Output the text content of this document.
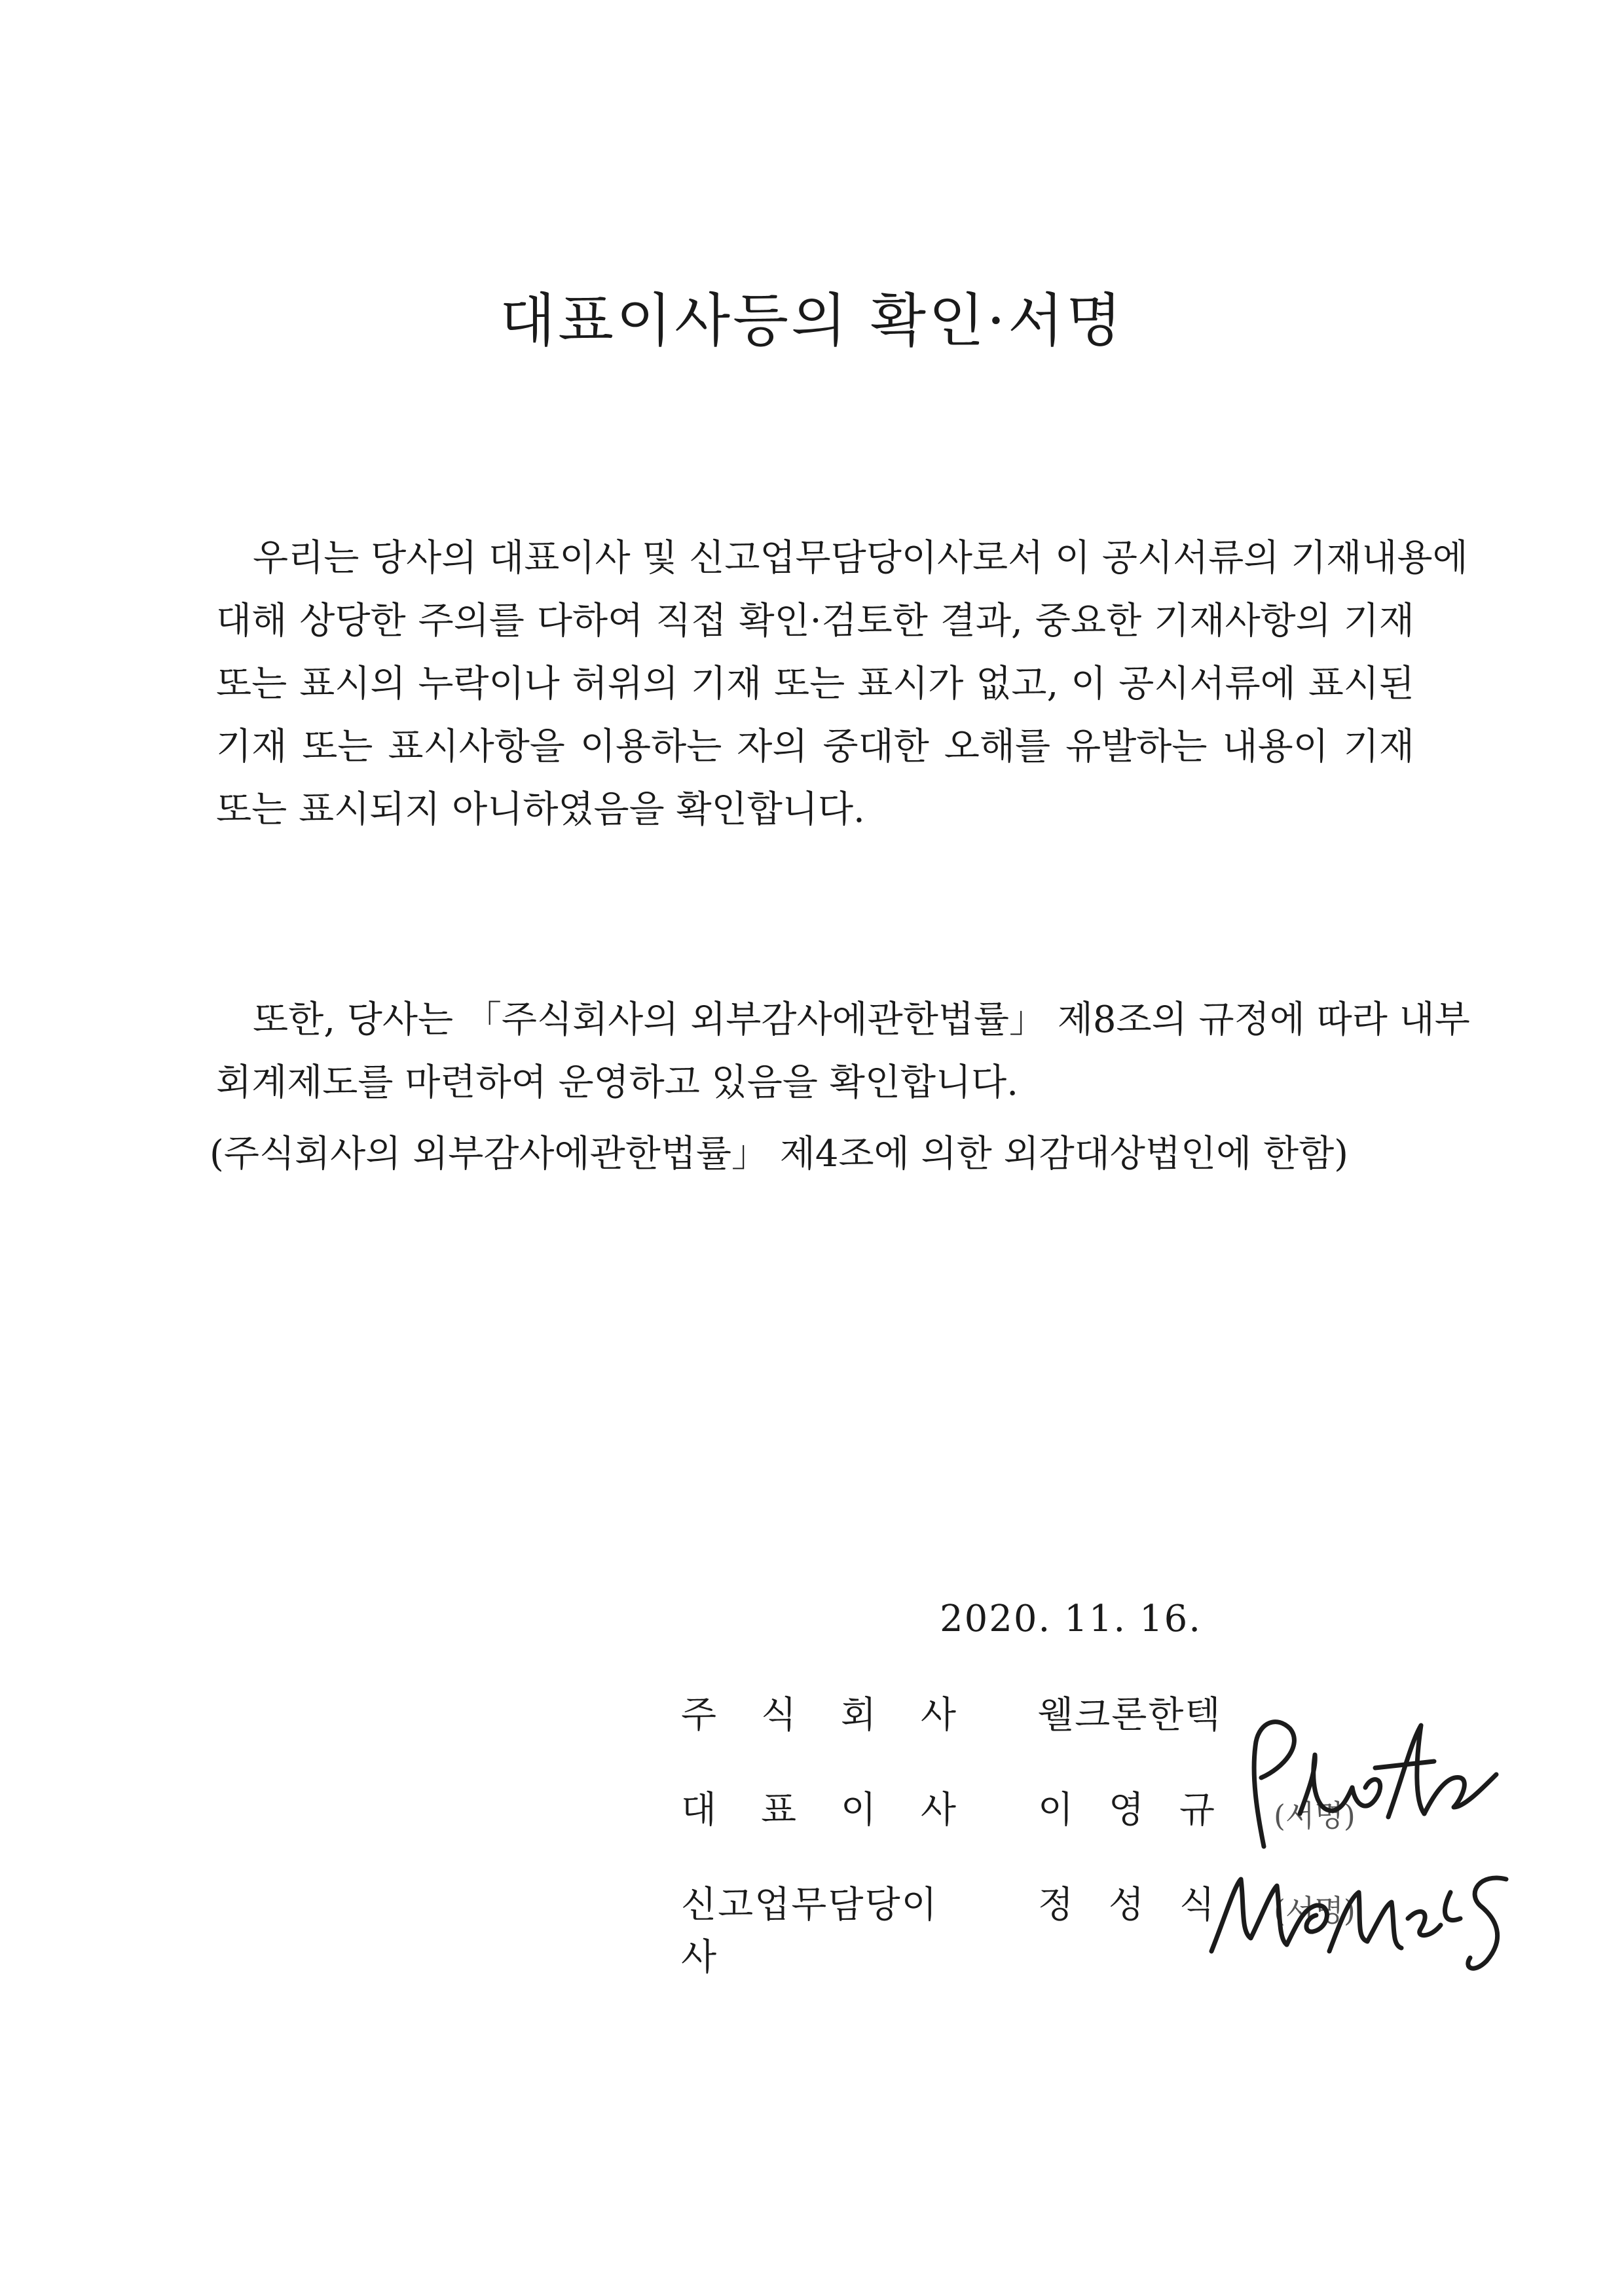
대표이사등의 확인·서명
우리는 당사의 대표이사 및 신고업무담당이사로서 이 공시서류의 기재내용에
대해 상당한 주의를 다하여 직접 확인·검토한 결과, 중요한 기재사항의 기재
또는 표시의 누락이나 허위의 기재 또는 표시가 없고, 이 공시서류에 표시된
기재 또는 표시사항을 이용하는 자의 중대한 오해를 유발하는 내용이 기재
또는 표시되지 아니하였음을 확인합니다.
또한, 당사는 「주식회사의 외부감사에관한법률」 제8조의 규정에 따라 내부
회계제도를 마련하여 운영하고 있음을 확인합니다.
(주식회사의 외부감사에관한법률」 제4조에 의한 외감대상법인에 한함)
2020. 11. 16.
주 식 회 사 웰크론한텍
대 표 이 사 이 영 규 (서명)
신고업무담당이사
정 성 식 (서명)
